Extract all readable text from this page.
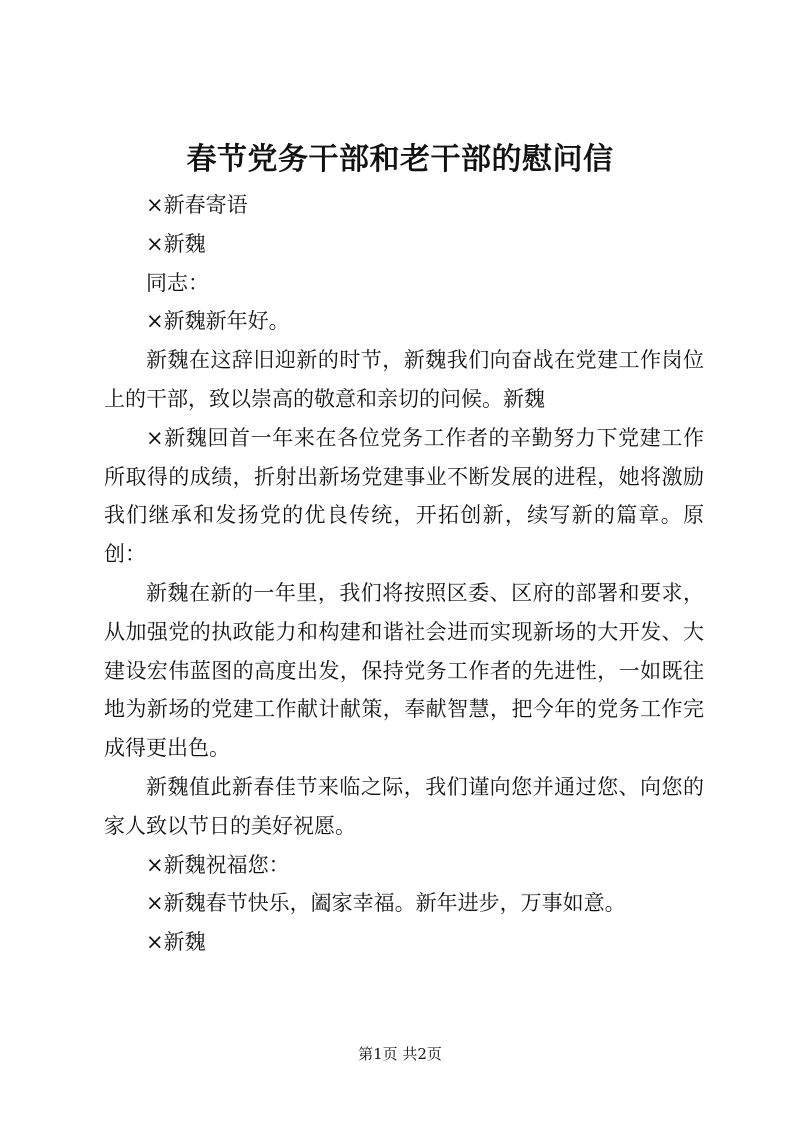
春节党务干部和老干部的慰问信

×新春寄语

×新魏

同志：

×新魏新年好。

新魏在这辞旧迎新的时节，新魏我们向奋战在党建工作岗位上的干部，致以崇高的敬意和亲切的问候。新魏

×新魏回首一年来在各位党务工作者的辛勤努力下党建工作所取得的成绩，折射出新场党建事业不断发展的进程，她将激励我们继承和发扬党的优良传统，开拓创新，续写新的篇章。原创：

新魏在新的一年里，我们将按照区委、区府的部署和要求，从加强党的执政能力和构建和谐社会进而实现新场的大开发、大建设宏伟蓝图的高度出发，保持党务工作者的先进性，一如既往地为新场的党建工作献计献策，奉献智慧，把今年的党务工作完成得更出色。

新魏值此新春佳节来临之际，我们谨向您并通过您、向您的家人致以节日的美好祝愿。

×新魏祝福您：

×新魏春节快乐，阖家幸福。新年进步，万事如意。

×新魏

第1页 共2页
